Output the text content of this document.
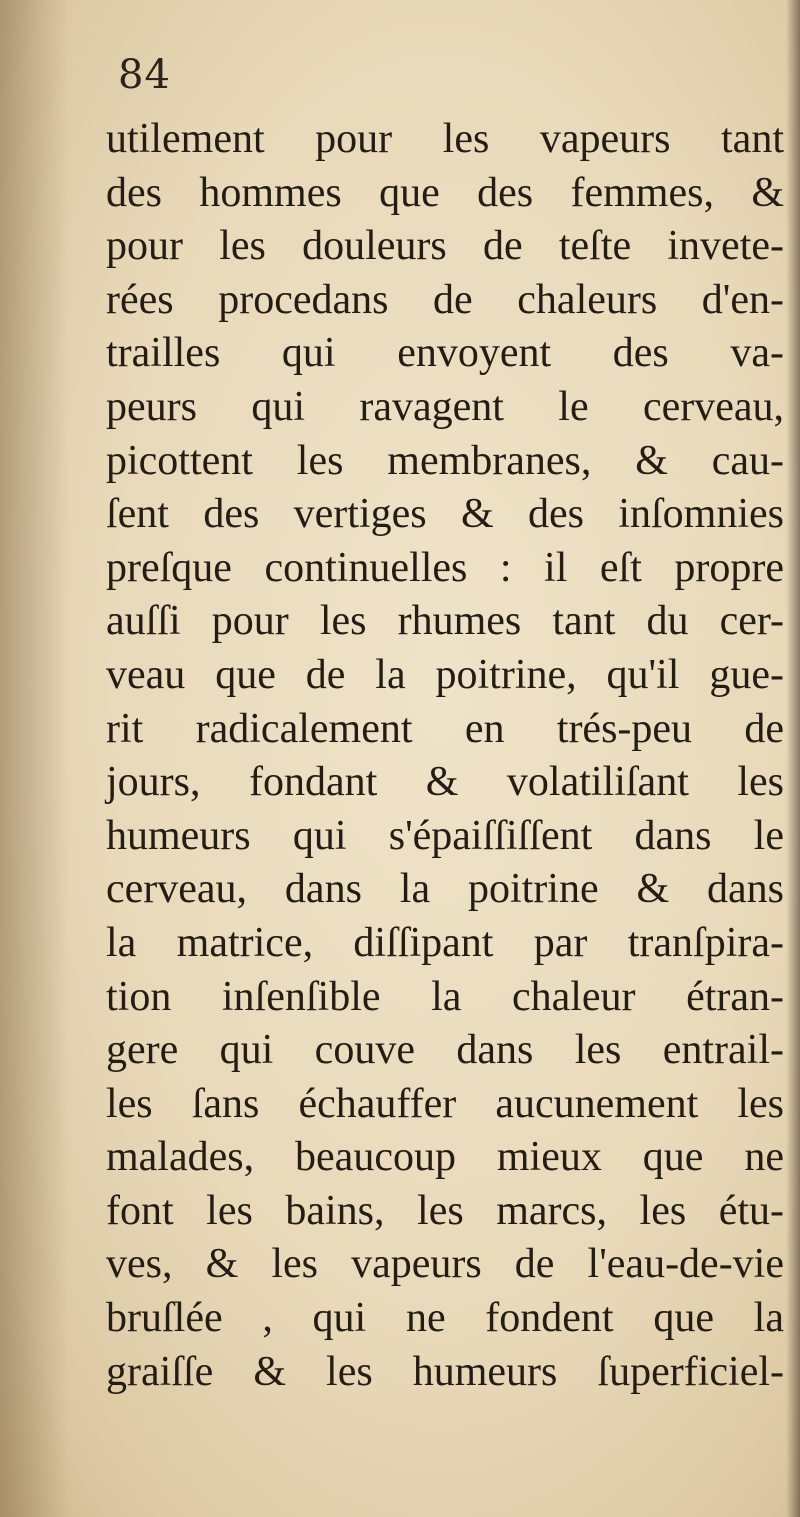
84
utilement pour les vapeurs tant
des hommes que des femmes, &
pour les douleurs de teſte invete-
rées procedans de chaleurs d'en-
trailles qui envoyent des va-
peurs qui ravagent le cerveau,
picottent les membranes, & cau-
ſent des vertiges & des inſomnies
preſque continuelles : il eſt propre
auſſi pour les rhumes tant du cer-
veau que de la poitrine, qu'il gue-
rit radicalement en trés-peu de
jours, fondant & volatiliſant les
humeurs qui s'épaiſſiſſent dans le
cerveau, dans la poitrine & dans
la matrice, diſſipant par tranſpira-
tion inſenſible la chaleur étran-
gere qui couve dans les entrail-
les ſans échauffer aucunement les
malades, beaucoup mieux que ne
font les bains, les marcs, les étu-
ves, & les vapeurs de l'eau-de-vie
bruſlée , qui ne fondent que la
graiſſe & les humeurs ſuperficiel-
